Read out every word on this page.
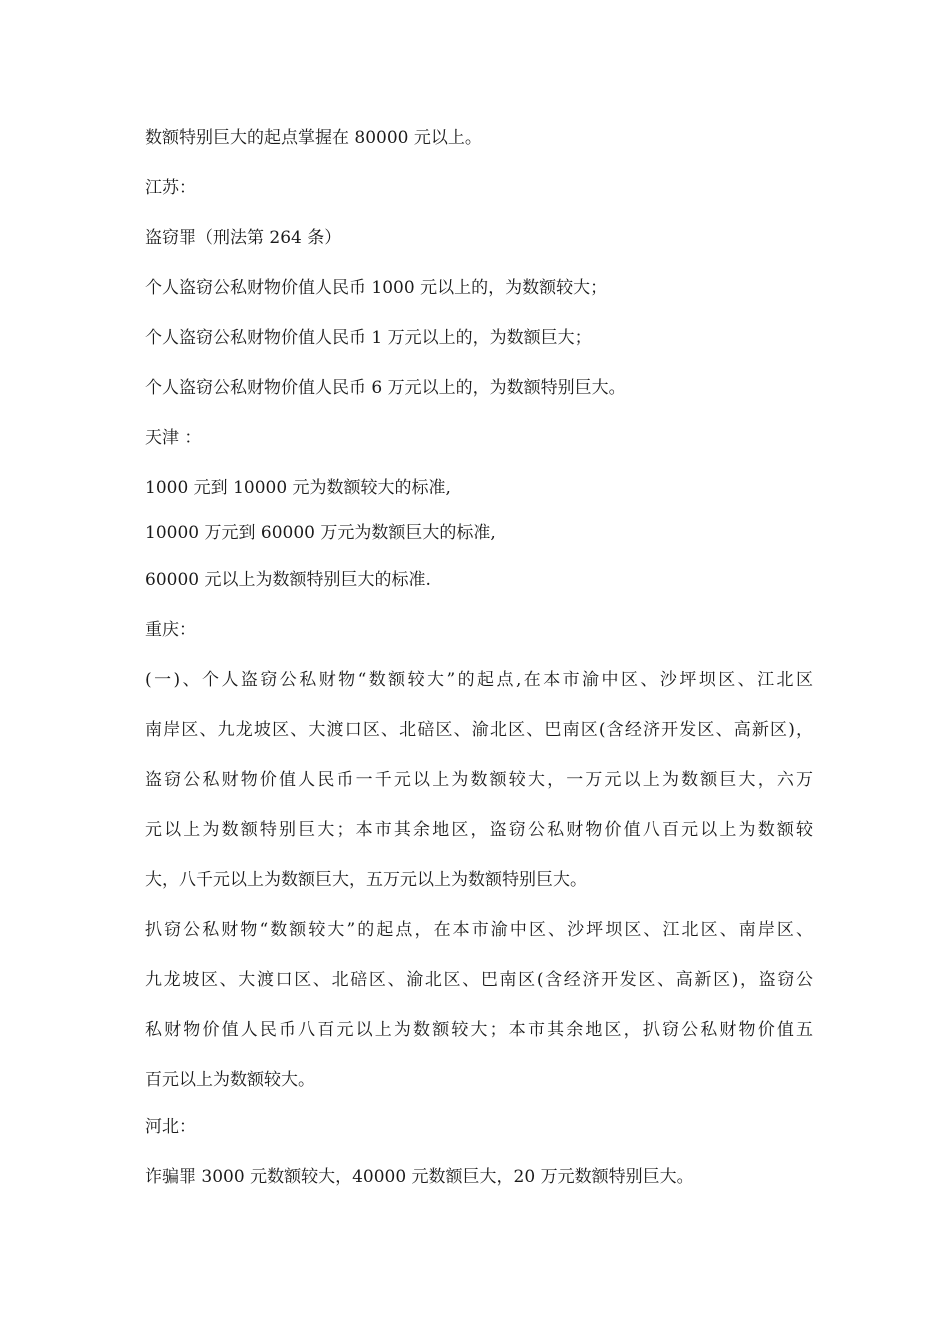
数额特别巨大的起点掌握在 80000 元以上。
江苏：
盗窃罪（刑法第 264 条）
个人盗窃公私财物价值人民币 1000 元以上的，为数额较大；
个人盗窃公私财物价值人民币 1 万元以上的，为数额巨大；
个人盗窃公私财物价值人民币 6 万元以上的，为数额特别巨大。
天津 ：
1000 元到 10000 元为数额较大的标准,
10000 万元到 60000 万元为数额巨大的标准,
60000 元以上为数额特别巨大的标准.
重庆：
(一)、个人盗窃公私财物“数额较大”的起点,在本市渝中区、沙坪坝区、江北区
南岸区、九龙坡区、大渡口区、北碚区、渝北区、巴南区(含经济开发区、高新区)，
盗窃公私财物价值人民币一千元以上为数额较大，一万元以上为数额巨大，六万
元以上为数额特别巨大；本市其余地区，盗窃公私财物价值八百元以上为数额较
大，八千元以上为数额巨大，五万元以上为数额特别巨大。
扒窃公私财物“数额较大”的起点，在本市渝中区、沙坪坝区、江北区、南岸区、
九龙坡区、大渡口区、北碚区、渝北区、巴南区(含经济开发区、高新区)，盗窃公
私财物价值人民币八百元以上为数额较大；本市其余地区，扒窃公私财物价值五
百元以上为数额较大。
河北：
诈骗罪 3000 元数额较大，40000 元数额巨大，20 万元数额特别巨大。
